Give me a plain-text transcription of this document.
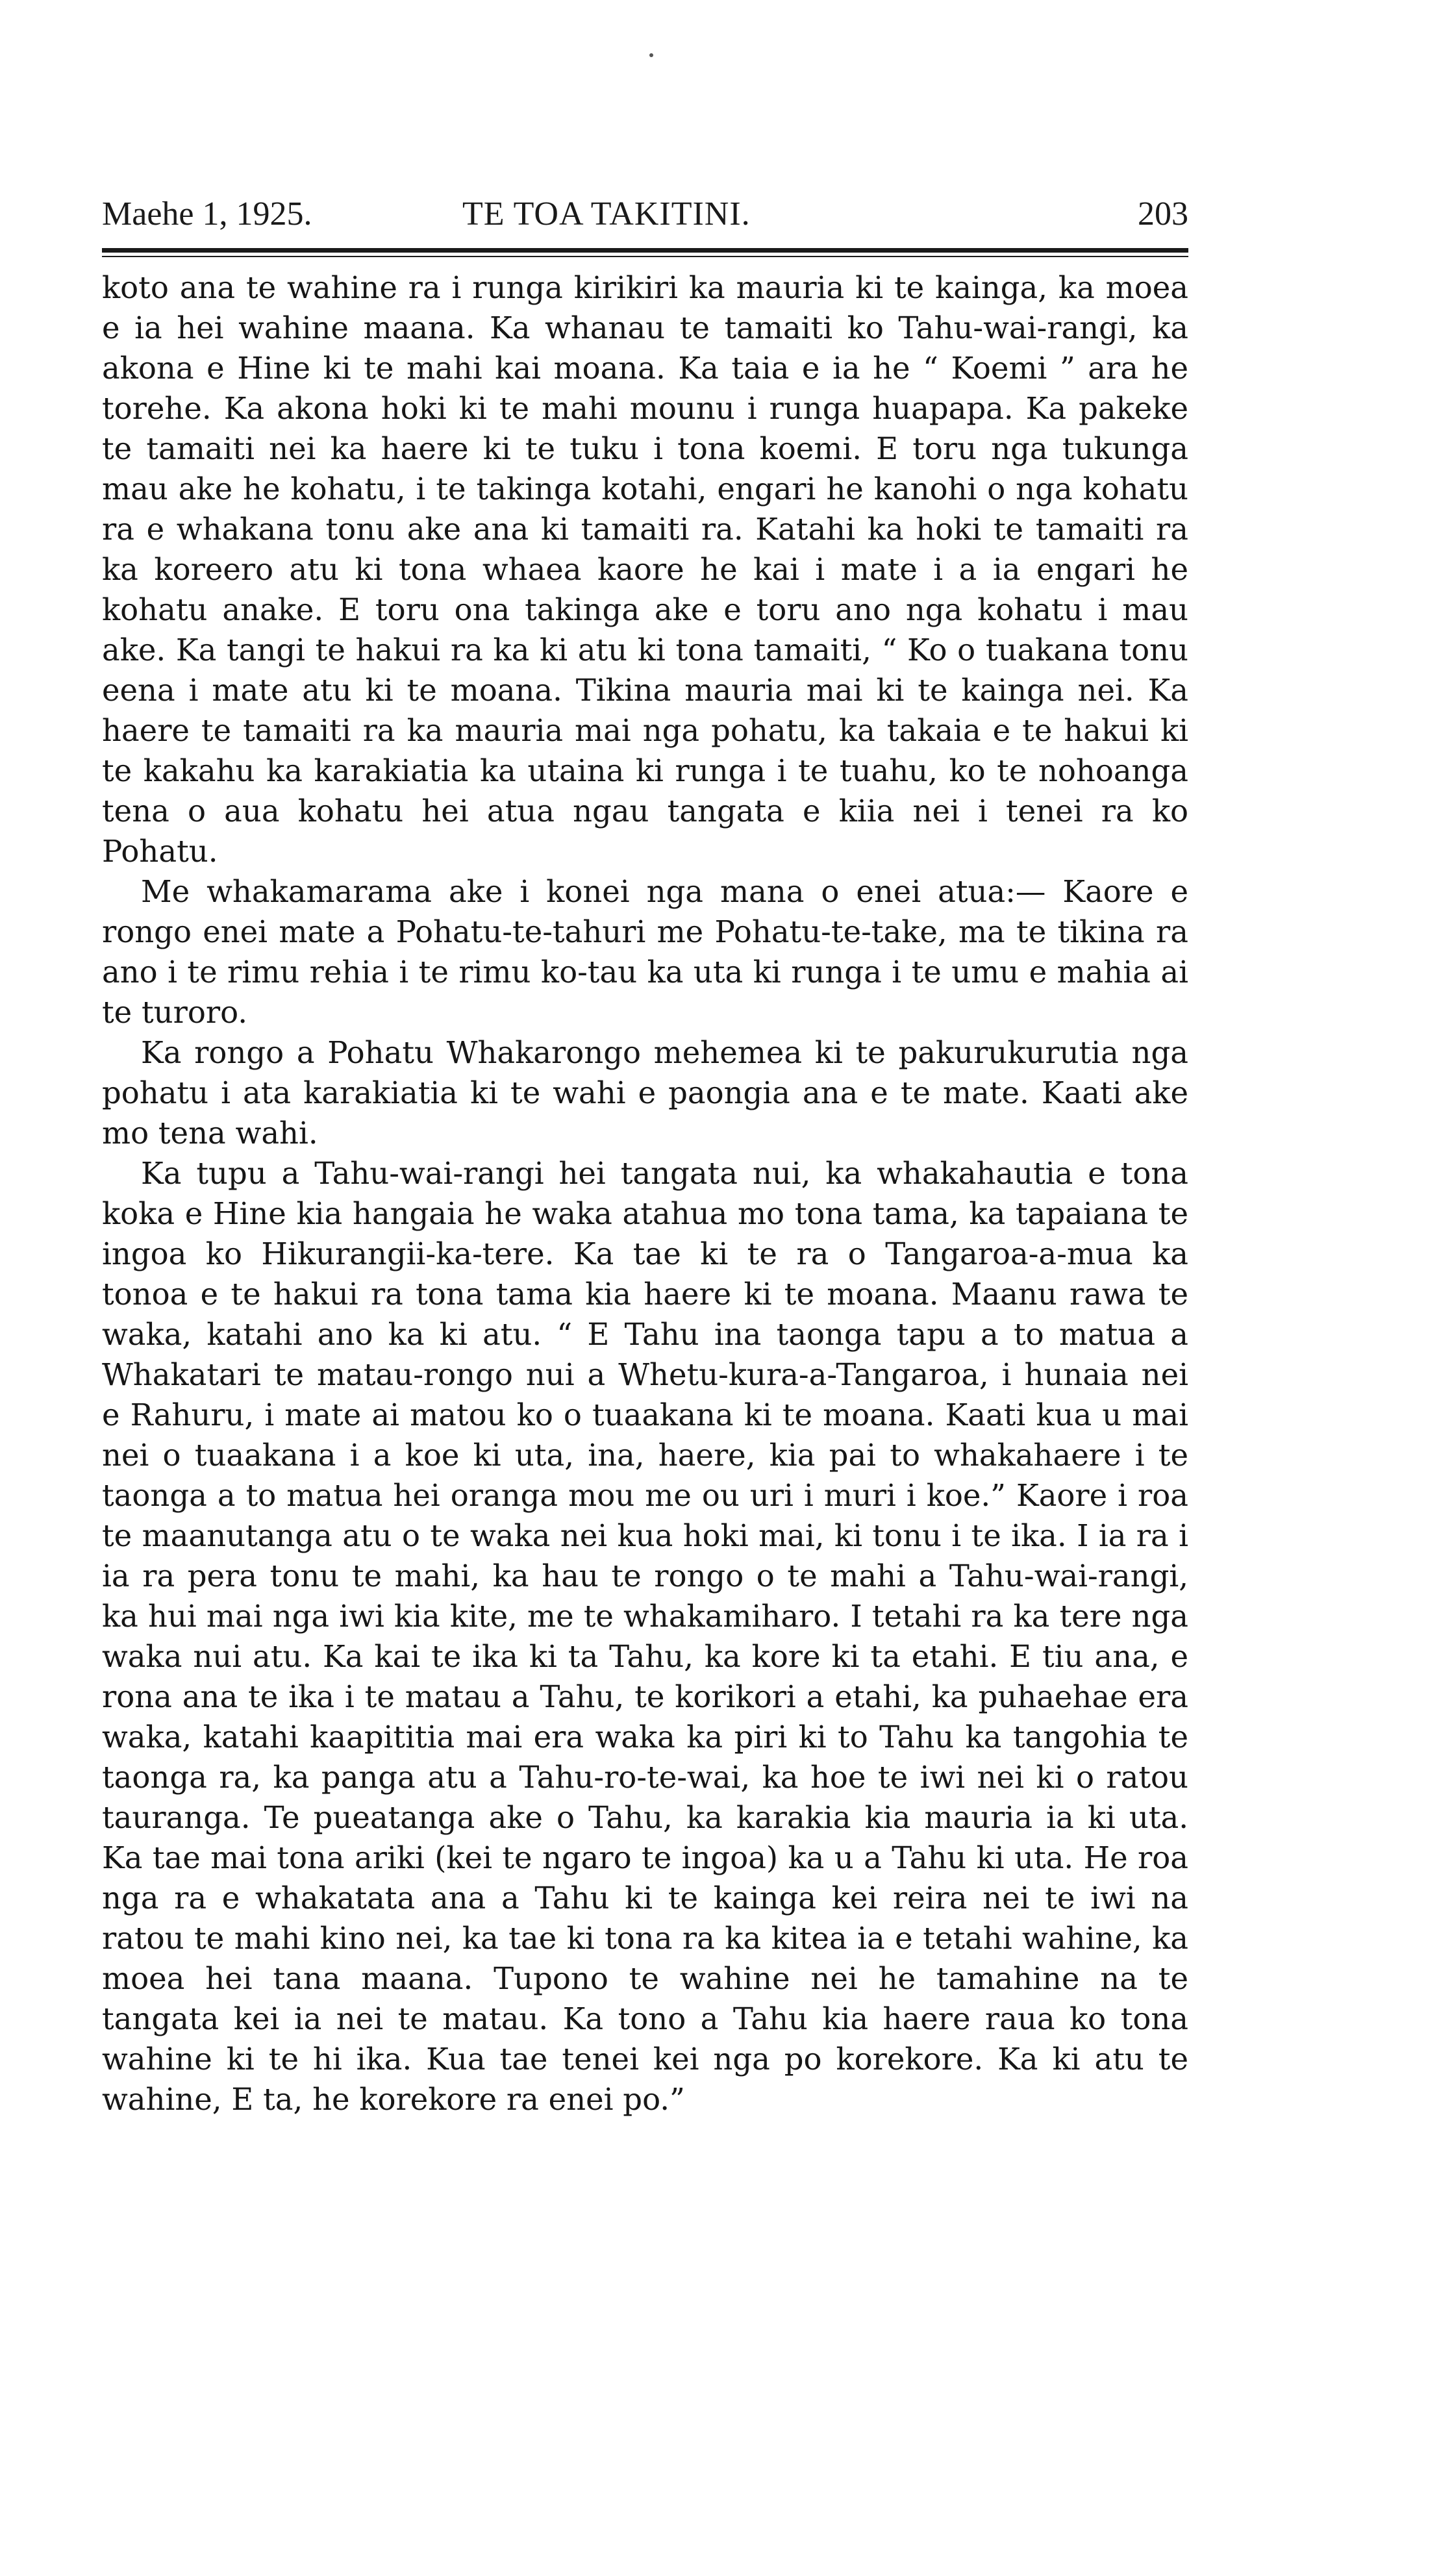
Maehe 1, 1925.	TE TOA TAKITINI.	203

koto ana te wahine ra i runga kirikiri ka mauria ki te kainga, ka moea e ia hei wahine maana. Ka whanau te tamaiti ko Tahu-wai-rangi, ka akona e Hine ki te mahi kai moana. Ka taia e ia he “ Koemi ” ara he torehe. Ka akona hoki ki te mahi mounu i runga huapapa. Ka pakeke te tamaiti nei ka haere ki te tuku i tona koemi. E toru nga tukunga mau ake he kohatu, i te takinga kotahi, engari he kanohi o nga kohatu ra e whakana tonu ake ana ki tamaiti ra. Katahi ka hoki te tamaiti ra ka koreero atu ki tona whaea kaore he kai i mate i a ia engari he kohatu anake. E toru ona takinga ake e toru ano nga kohatu i mau ake. Ka tangi te hakui ra ka ki atu ki tona tamaiti, “ Ko o tuakana tonu eena i mate atu ki te moana. Tikina mauria mai ki te kainga nei. Ka haere te tamaiti ra ka mauria mai nga pohatu, ka takaia e te hakui ki te kakahu ka karakiatia ka utaina ki runga i te tuahu, ko te nohoanga tena o aua kohatu hei atua ngau tangata e kiia nei i tenei ra ko Pohatu.

Me whakamarama ake i konei nga mana o enei atua:— Kaore e rongo enei mate a Pohatu-te-tahuri me Pohatu-te-take, ma te tikina ra ano i te rimu rehia i te rimu ko-tau ka uta ki runga i te umu e mahia ai te turoro.

Ka rongo a Pohatu Whakarongo mehemea ki te pakurukurutia nga pohatu i ata karakiatia ki te wahi e paongia ana e te mate. Kaati ake mo tena wahi.

Ka tupu a Tahu-wai-rangi hei tangata nui, ka whakahautia e tona koka e Hine kia hangaia he waka atahua mo tona tama, ka tapaiana te ingoa ko Hikurangii-ka-tere. Ka tae ki te ra o Tangaroa-a-mua ka tonoa e te hakui ra tona tama kia haere ki te moana. Maanu rawa te waka, katahi ano ka ki atu. “ E Tahu ina taonga tapu a to matua a Whakatari te matau-rongo nui a Whetu-kura-a-Tangaroa, i hunaia nei e Rahuru, i mate ai matou ko o tuaakana ki te moana. Kaati kua u mai nei o tuaakana i a koe ki uta, ina, haere, kia pai to whakahaere i te taonga a to matua hei oranga mou me ou uri i muri i koe.” Kaore i roa te maanutanga atu o te waka nei kua hoki mai, ki tonu i te ika. I ia ra i ia ra pera tonu te mahi, ka hau te rongo o te mahi a Tahu-wai-rangi, ka hui mai nga iwi kia kite, me te whakamiharo. I tetahi ra ka tere nga waka nui atu. Ka kai te ika ki ta Tahu, ka kore ki ta etahi. E tiu ana, e rona ana te ika i te matau a Tahu, te korikori a etahi, ka puhaehae era waka, katahi kaapititia mai era waka ka piri ki to Tahu ka tangohia te taonga ra, ka panga atu a Tahu-ro-te-wai, ka hoe te iwi nei ki o ratou tauranga. Te pueatanga ake o Tahu, ka karakia kia mauria ia ki uta. Ka tae mai tona ariki (kei te ngaro te ingoa) ka u a Tahu ki uta. He roa nga ra e whakatata ana a Tahu ki te kainga kei reira nei te iwi na ratou te mahi kino nei, ka tae ki tona ra ka kitea ia e tetahi wahine, ka moea hei tana maana. Tupono te wahine nei he tamahine na te tangata kei ia nei te matau. Ka tono a Tahu kia haere raua ko tona wahine ki te hi ika. Kua tae tenei kei nga po korekore. Ka ki atu te wahine, E ta, he korekore ra enei po.”
